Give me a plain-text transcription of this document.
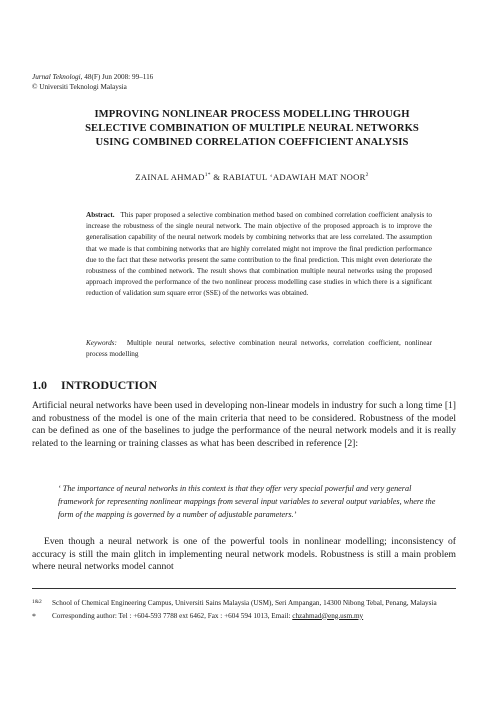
Jurnal Teknologi, 48(F) Jun 2008: 99–116
© Universiti Teknologi Malaysia
IMPROVING NONLINEAR PROCESS MODELLING THROUGH
SELECTIVE COMBINATION OF MULTIPLE NEURAL NETWORKS
USING COMBINED CORRELATION COEFFICIENT ANALYSIS
ZAINAL $AHMAD^{1*}$ & RABIATUL ‘ADAWIAH MAT NOOR$^2$
Abstract. This paper proposed a selective combination method based on combined correlation coefficient analysis to increase the robustness of the single neural network. The main objective of the proposed approach is to improve the generalisation capability of the neural network models by combining networks that are less correlated. The assumption that we made is that combining networks that are highly correlated might not improve the final prediction performance due to the fact that these networks present the same contribution to the final prediction. This might even deteriorate the robustness of the combined network. The result shows that combination multiple neural networks using the proposed approach improved the performance of the two nonlinear process modelling case studies in which there is a significant reduction of validation sum square error (SSE) of the networks was obtained.
Keywords: Multiple neural networks, selective combination neural networks, correlation coefficient, nonlinear process modelling
1.0 INTRODUCTION
Artificial neural networks have been used in developing non-linear models in industry for such a long time [1] and robustness of the model is one of the main criteria that need to be considered. Robustness of the model can be defined as one of the baselines to judge the performance of the neural network models and it is really related to the learning or training classes as what has been described in reference [2]:
‘ The importance of neural networks in this context is that they offer very special powerful and very general framework for representing nonlinear mappings from several input variables to several output variables, where the form of the mapping is governed by a number of adjustable parameters.’
Even though a neural network is one of the powerful tools in nonlinear modelling; inconsistency of accuracy is still the main glitch in implementing neural network models. Robustness is still a main problem where neural networks model cannot
1&2	School of Chemical Engineering Campus, Universiti Sains Malaysia (USM), Seri Ampangan, 14300 Nibong Tebal, Penang, Malaysia
*	Corresponding author: Tel : +604-593 7788 ext 6462, Fax : +604 594 1013, Email: chzahmad@eng.usm.my
